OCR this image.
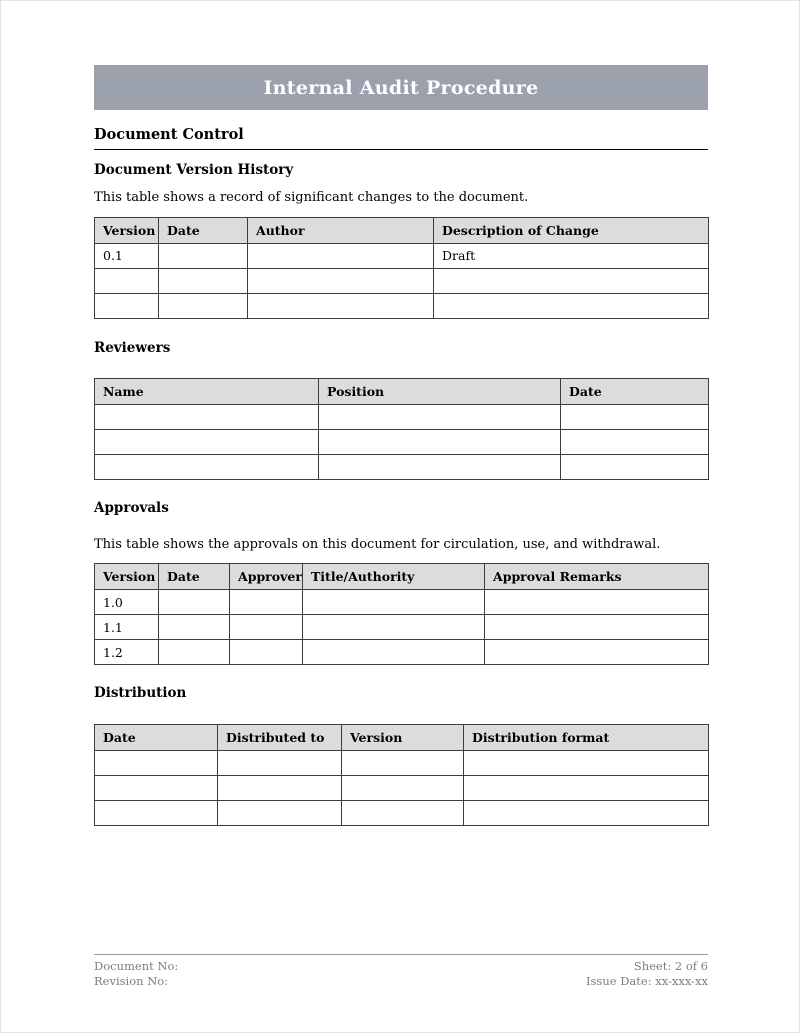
Internal Audit Procedure
Document Control
Document Version History
This table shows a record of significant changes to the document.
Version	Date	Author	Description of Change
0.1			Draft

Reviewers
Name	Position	Date

Approvals
This table shows the approvals on this document for circulation, use, and withdrawal.
Version	Date	Approver	Title/Authority	Approval Remarks
1.0				
1.1				
1.2				
Distribution
Date	Distributed to	Version	Distribution format

Document No:	Sheet: 2 of 6
Revision No:	Issue Date: xx-xxx-xx
